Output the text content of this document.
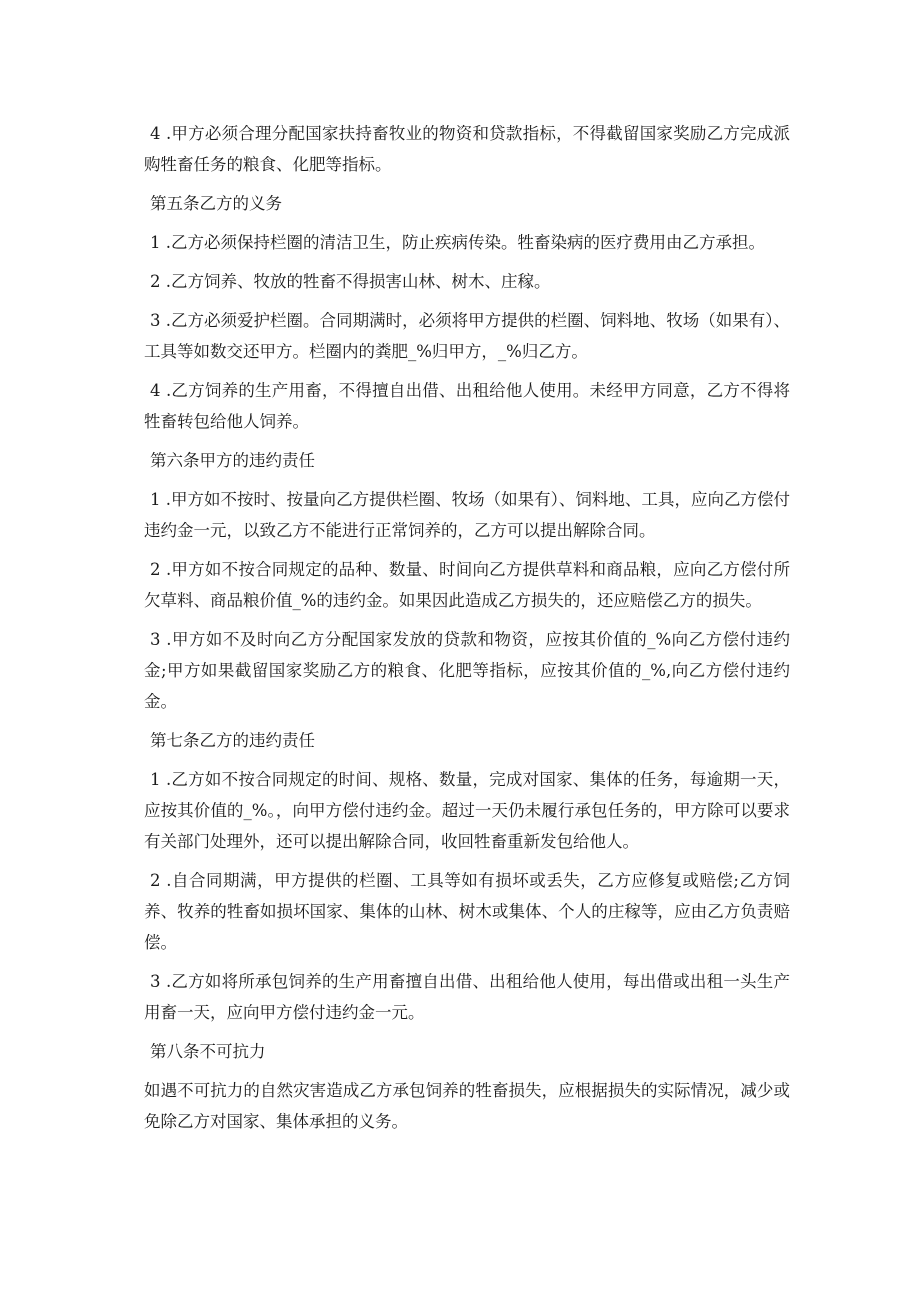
4 .甲方必须合理分配国家扶持畜牧业的物资和贷款指标，不得截留国家奖励乙方完成派购牲畜任务的粮食、化肥等指标。

第五条乙方的义务

1 .乙方必须保持栏圈的清洁卫生，防止疾病传染。牲畜染病的医疗费用由乙方承担。

2 .乙方饲养、牧放的牲畜不得损害山林、树木、庄稼。

3 .乙方必须爱护栏圈。合同期满时，必须将甲方提供的栏圈、饲料地、牧场（如果有）、工具等如数交还甲方。栏圈内的粪肥_%归甲方，_%归乙方。

4 .乙方饲养的生产用畜，不得擅自出借、出租给他人使用。未经甲方同意，乙方不得将牲畜转包给他人饲养。

第六条甲方的违约责任

1 .甲方如不按时、按量向乙方提供栏圈、牧场（如果有）、饲料地、工具，应向乙方偿付违约金一元，以致乙方不能进行正常饲养的，乙方可以提出解除合同。

2 .甲方如不按合同规定的品种、数量、时间向乙方提供草料和商品粮，应向乙方偿付所欠草料、商品粮价值_%的违约金。如果因此造成乙方损失的，还应赔偿乙方的损失。

3 .甲方如不及时向乙方分配国家发放的贷款和物资，应按其价值的_%向乙方偿付违约金;甲方如果截留国家奖励乙方的粮食、化肥等指标，应按其价值的_%,向乙方偿付违约金。

第七条乙方的违约责任

1 .乙方如不按合同规定的时间、规格、数量，完成对国家、集体的任务，每逾期一天，应按其价值的_%。，向甲方偿付违约金。超过一天仍未履行承包任务的，甲方除可以要求有关部门处理外，还可以提出解除合同，收回牲畜重新发包给他人。

2 .自合同期满，甲方提供的栏圈、工具等如有损坏或丢失，乙方应修复或赔偿;乙方饲养、牧养的牲畜如损坏国家、集体的山林、树木或集体、个人的庄稼等，应由乙方负责赔偿。

3 .乙方如将所承包饲养的生产用畜擅自出借、出租给他人使用，每出借或出租一头生产用畜一天，应向甲方偿付违约金一元。

第八条不可抗力

如遇不可抗力的自然灾害造成乙方承包饲养的牲畜损失，应根据损失的实际情况，减少或免除乙方对国家、集体承担的义务。
